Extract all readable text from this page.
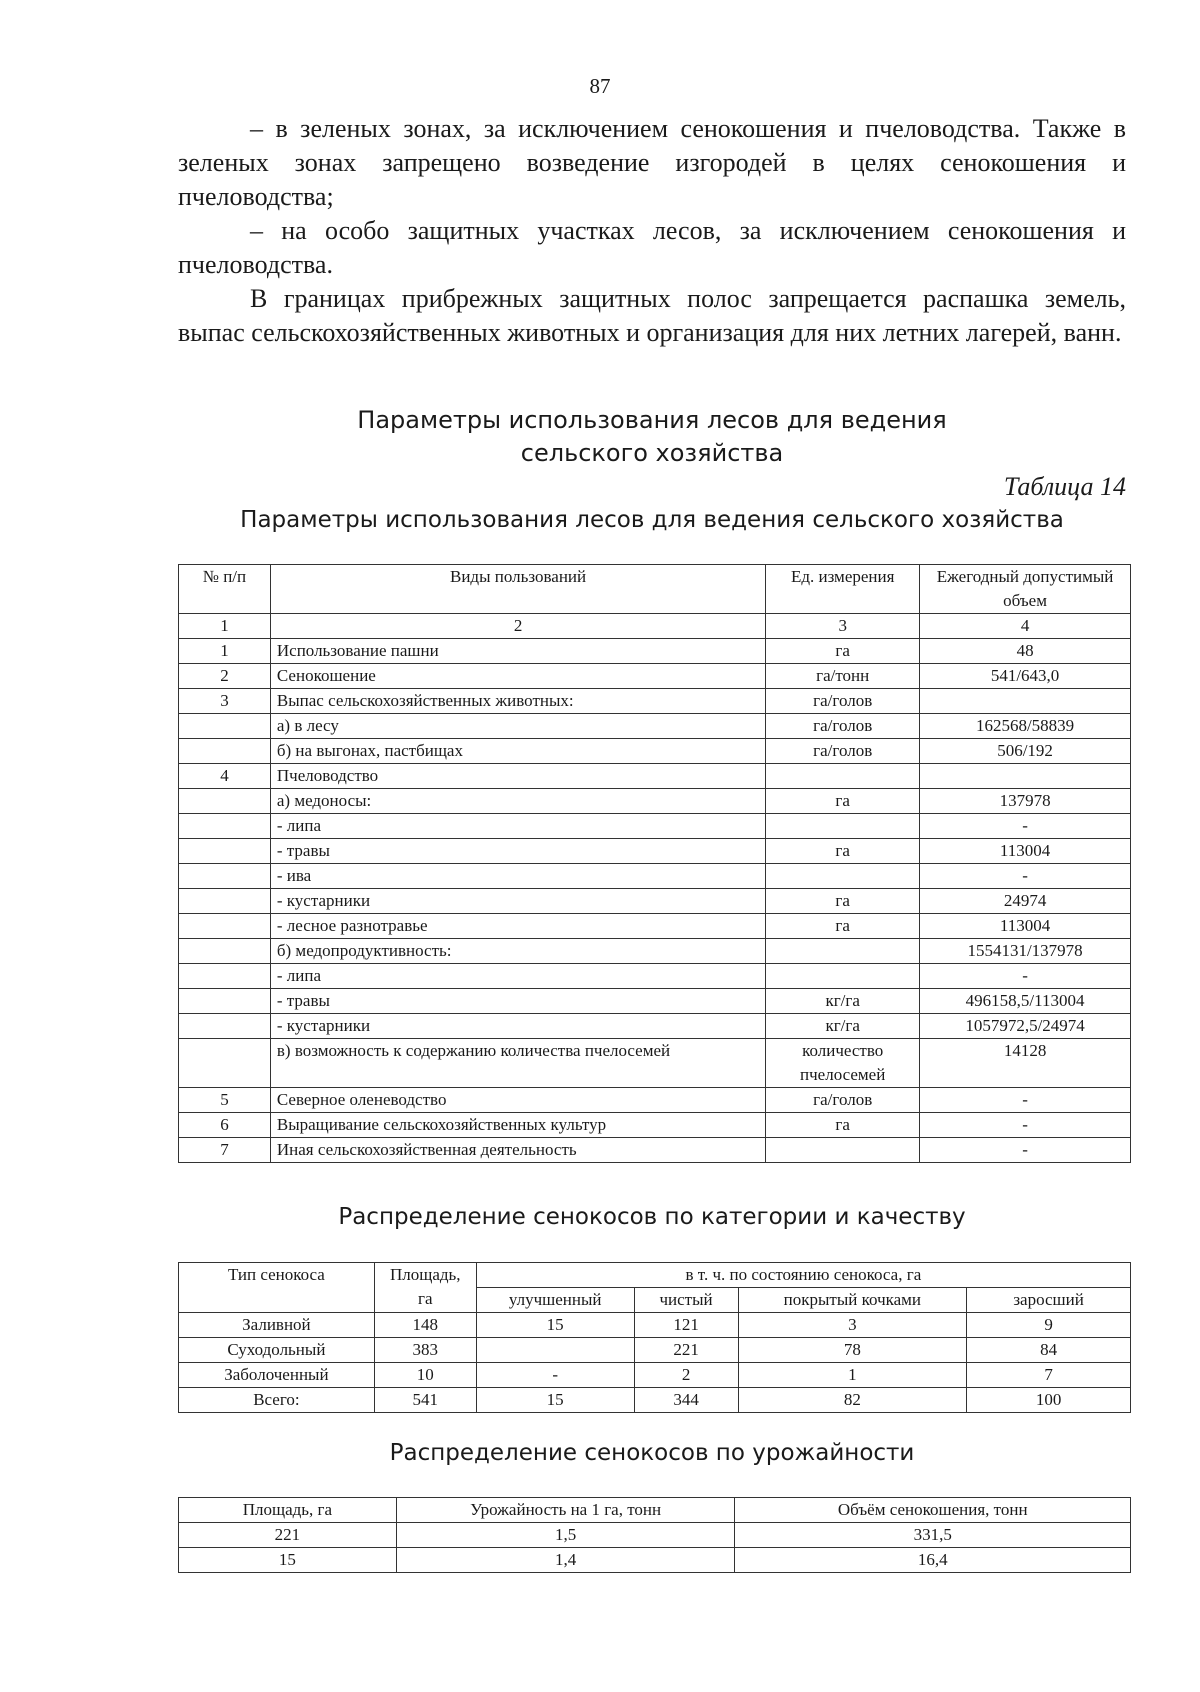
87
– в зеленых зонах, за исключением сенокошения и пчеловодства. Также в зеленых зонах запрещено возведение изгородей в целях сенокошения и пчеловодства;
– на особо защитных участках лесов, за исключением сенокошения и пчеловодства.
В границах прибрежных защитных полос запрещается распашка земель, выпас сельскохозяйственных животных и организация для них летних лагерей, ванн.
Параметры использования лесов для ведения
сельского хозяйства
Таблица 14
Параметры использования лесов для ведения сельского хозяйства
№ п/п	Виды пользований	Ед. измерения	Ежегодный допустимый объем
1	2	3	4
1	Использование пашни	га	48
2	Сенокошение	га/тонн	541/643,0
3	Выпас сельскохозяйственных животных:	га/голов	
	а) в лесу	га/голов	162568/58839
	б) на выгонах, пастбищах	га/голов	506/192
4	Пчеловодство		
	а) медоносы:	га	137978
	- липа		-
	- травы	га	113004
	- ива		-
	- кустарники	га	24974
	- лесное разнотравье	га	113004
	б) медопродуктивность:		1554131/137978
	- липа		-
	- травы	кг/га	496158,5/113004
	- кустарники	кг/га	1057972,5/24974
	в) возможность к содержанию количества пчелосемей	количество пчелосемей	14128
5	Северное оленеводство	га/голов	-
6	Выращивание сельскохозяйственных культур	га	-
7	Иная сельскохозяйственная деятельность		-
Распределение сенокосов по категории и качеству
Тип сенокоса	Площадь, га	в т. ч. по состоянию сенокоса, га			
		улучшенный	чистый	покрытый кочками	заросший
Заливной	148	15	121	3	9
Суходольный	383		221	78	84
Заболоченный	10	-	2	1	7
Всего:	541	15	344	82	100
Распределение сенокосов по урожайности
Площадь, га	Урожайность на 1 га, тонн	Объём сенокошения, тонн
221	1,5	331,5
15	1,4	16,4
